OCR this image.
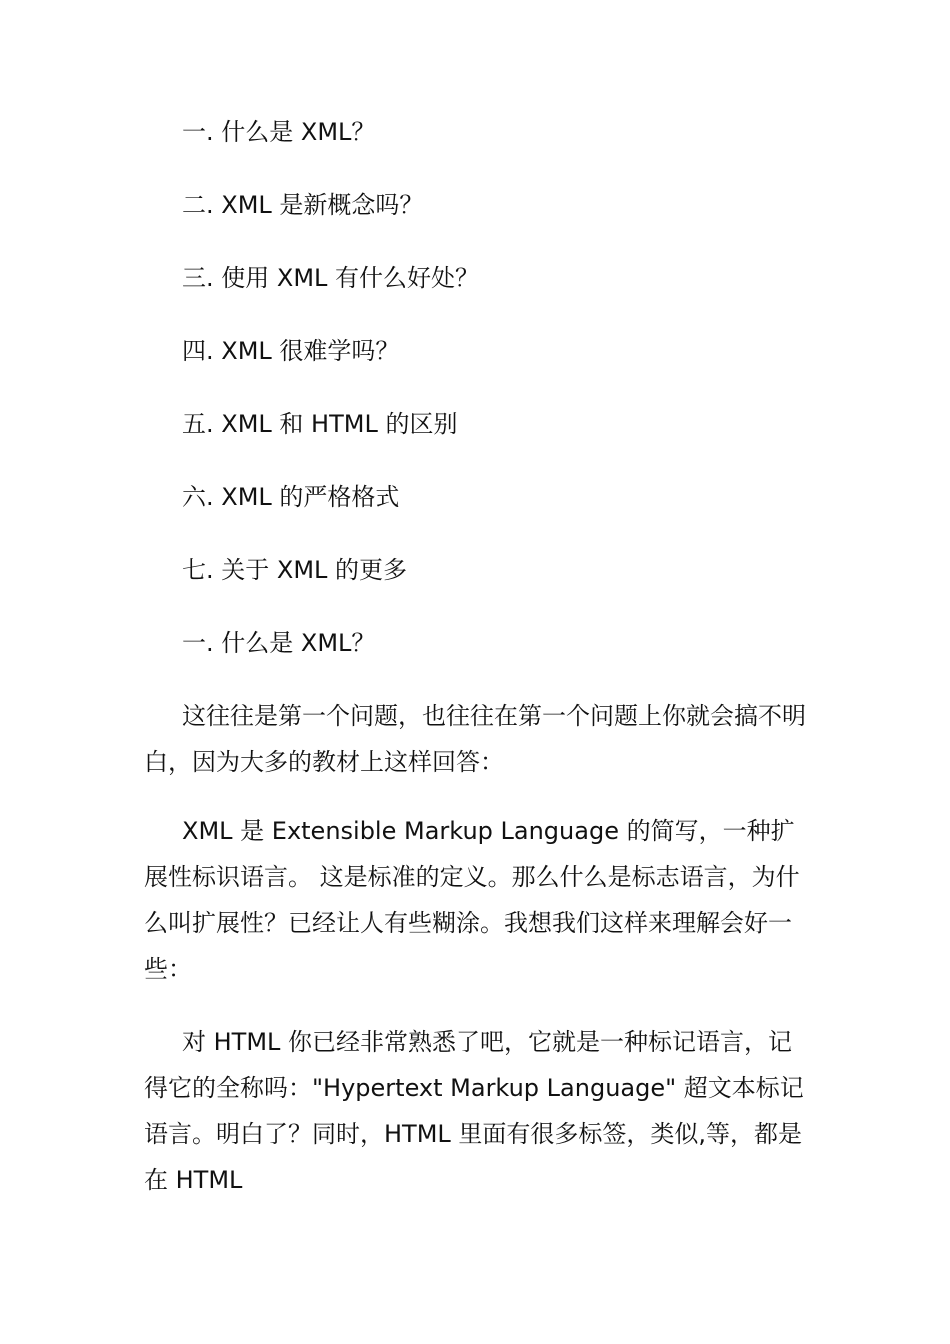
一. 什么是 XML？
二. XML 是新概念吗？
三. 使用 XML 有什么好处？
四. XML 很难学吗？
五. XML 和 HTML 的区别
六. XML 的严格格式
七. 关于 XML 的更多
一. 什么是 XML？

这往往是第一个问题，也往往在第一个问题上你就会搞不明白，因为大多的教材上这样回答：

XML 是 Extensible Markup Language 的简写，一种扩展性标识语言。 这是标准的定义。那么什么是标志语言，为什么叫扩展性？已经让人有些糊涂。我想我们这样来理解会好一些：

对 HTML 你已经非常熟悉了吧，它就是一种标记语言，记得它的全称吗："Hypertext Markup Language" 超文本标记语言。明白了？同时，HTML 里面有很多标签，类似,等，都是在 HTML
